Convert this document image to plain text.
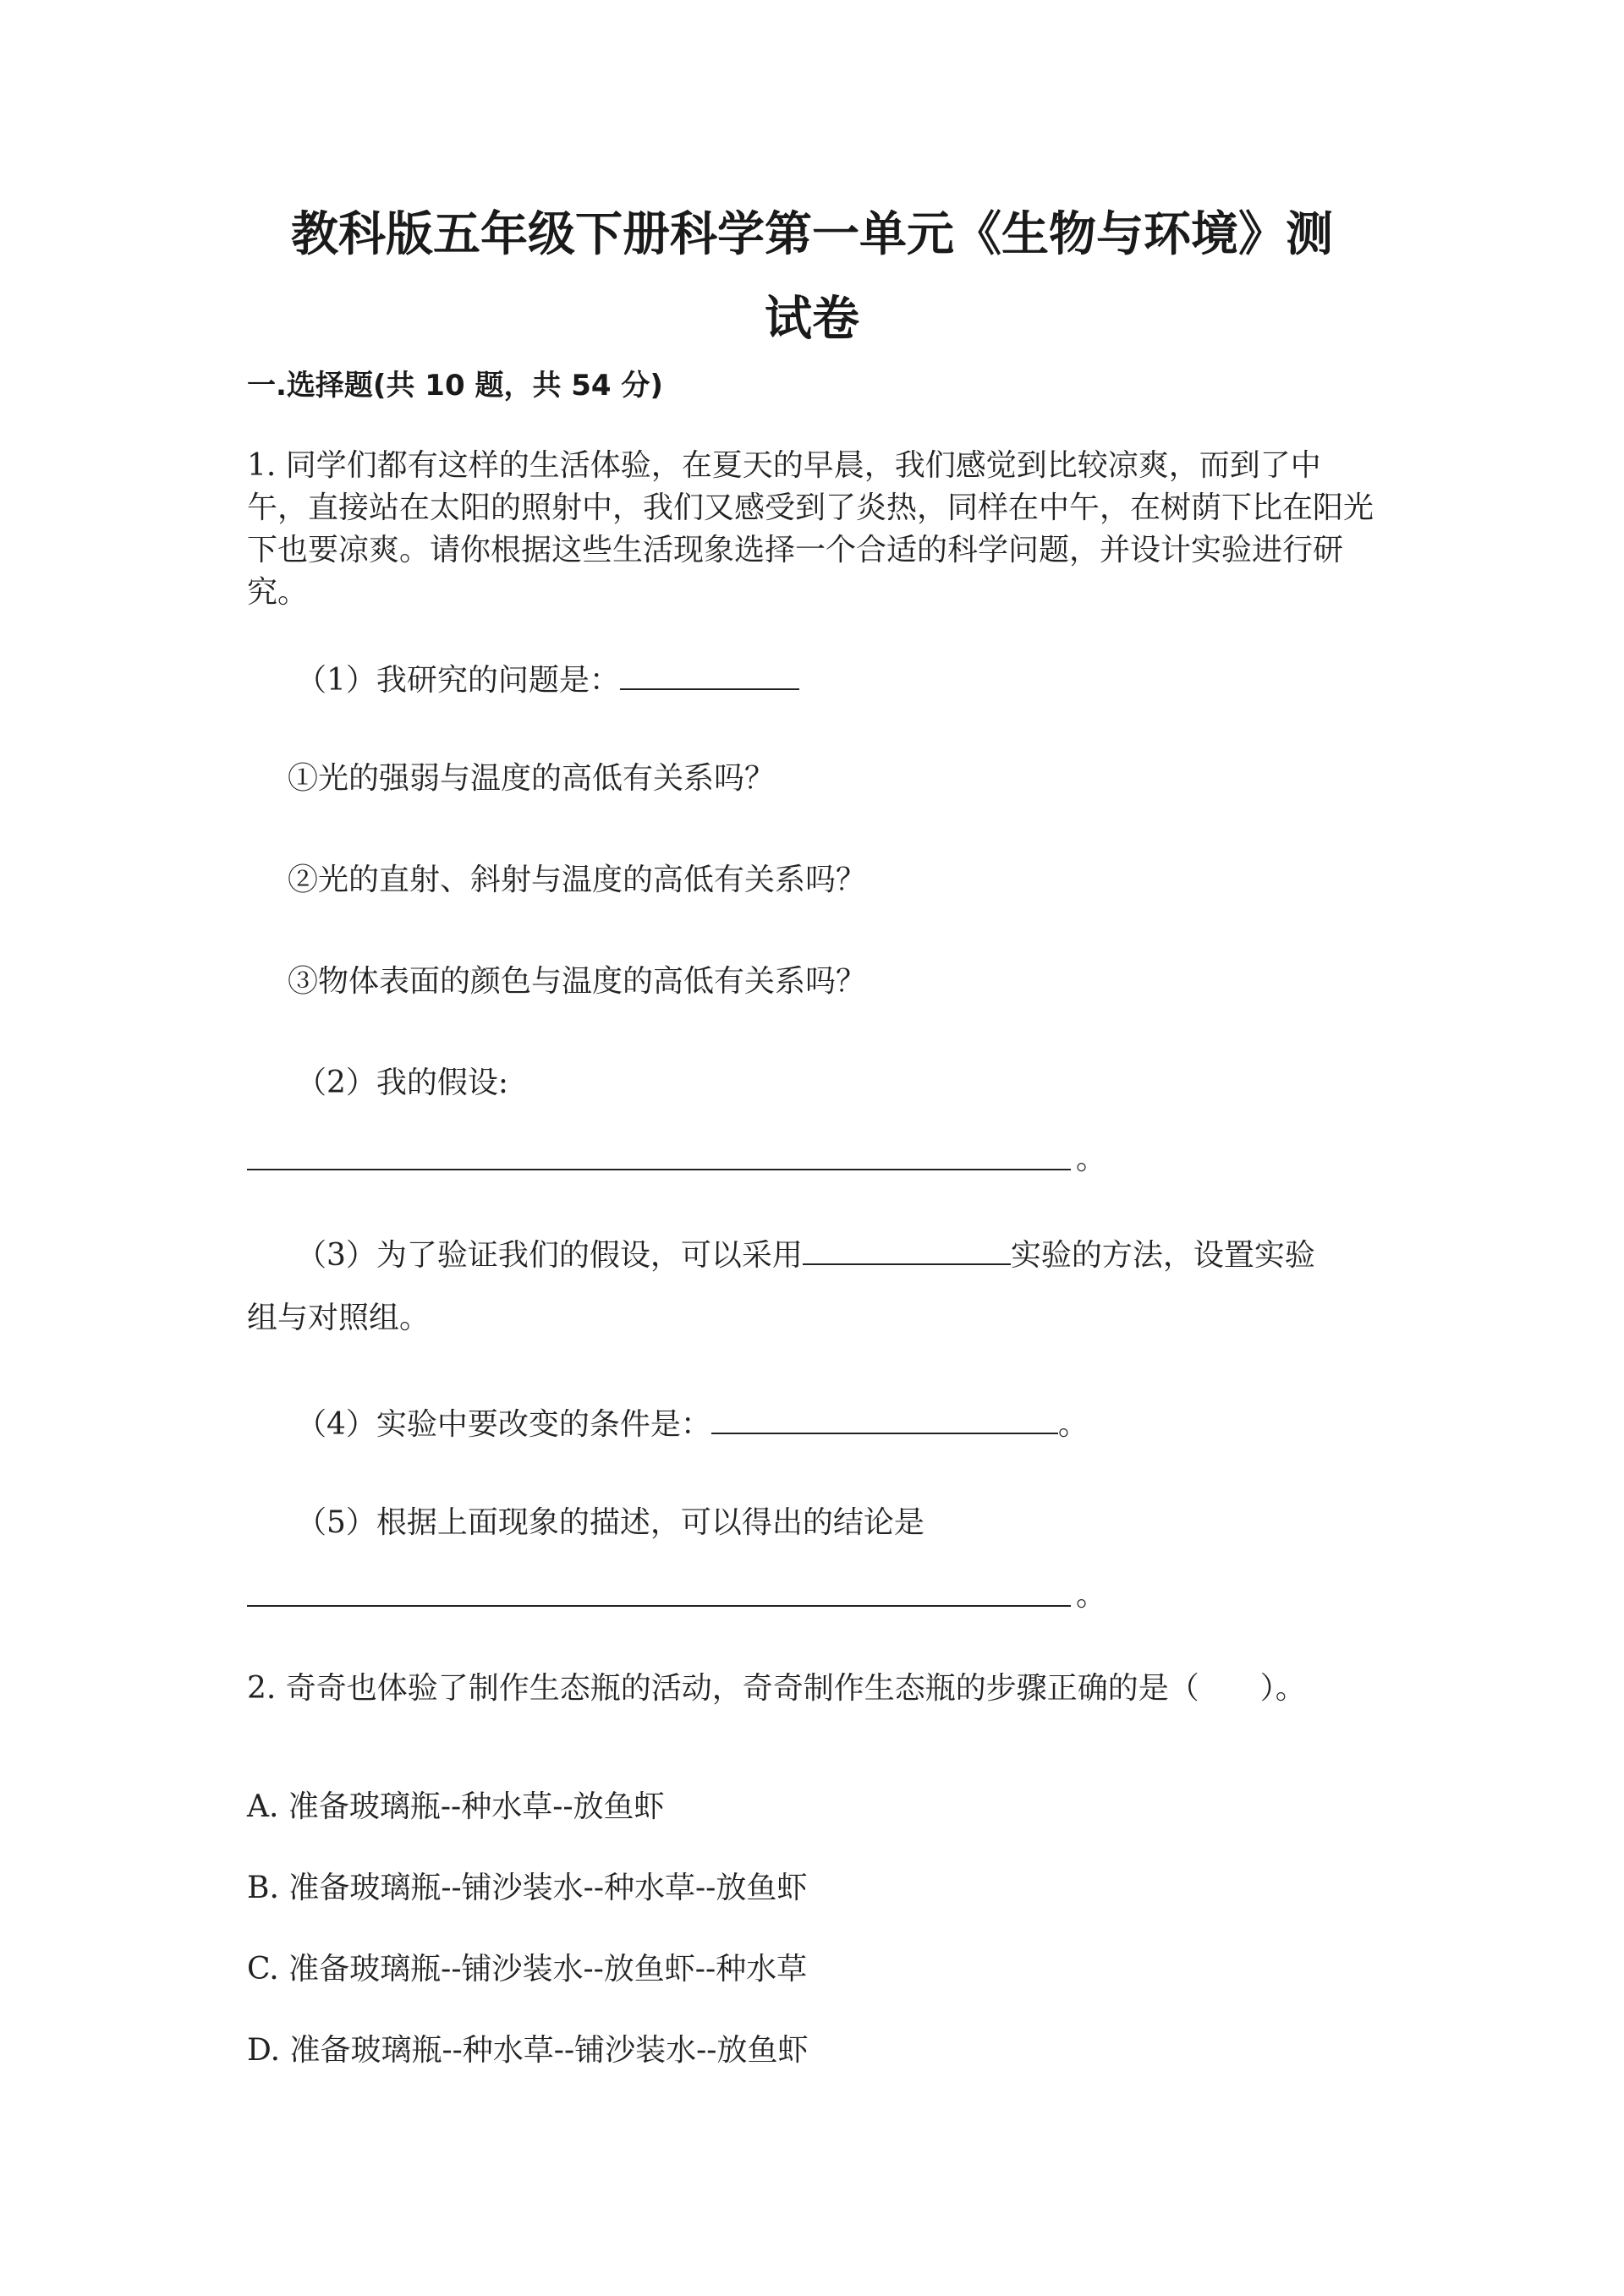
教科版五年级下册科学第一单元《生物与环境》测
试卷
一.选择题(共 10 题，共 54 分)
1. 同学们都有这样的生活体验，在夏天的早晨，我们感觉到比较凉爽，而到了中午，直接站在太阳的照射中，我们又感受到了炎热，同样在中午，在树荫下比在阳光下也要凉爽。请你根据这些生活现象选择一个合适的科学问题，并设计实验进行研究。
（1）我研究的问题是：
①光的强弱与温度的高低有关系吗？
②光的直射、斜射与温度的高低有关系吗？
③物体表面的颜色与温度的高低有关系吗？
（2）我的假设:
。
（3）为了验证我们的假设，可以采用	实验的方法，设置实验
组与对照组。
（4）实验中要改变的条件是：	。
（5）根据上面现象的描述，可以得出的结论是
。
2. 奇奇也体验了制作生态瓶的活动，奇奇制作生态瓶的步骤正确的是（　　）。
A. 准备玻璃瓶--种水草--放鱼虾
B. 准备玻璃瓶--铺沙装水--种水草--放鱼虾
C. 准备玻璃瓶--铺沙装水--放鱼虾--种水草
D. 准备玻璃瓶--种水草--铺沙装水--放鱼虾
